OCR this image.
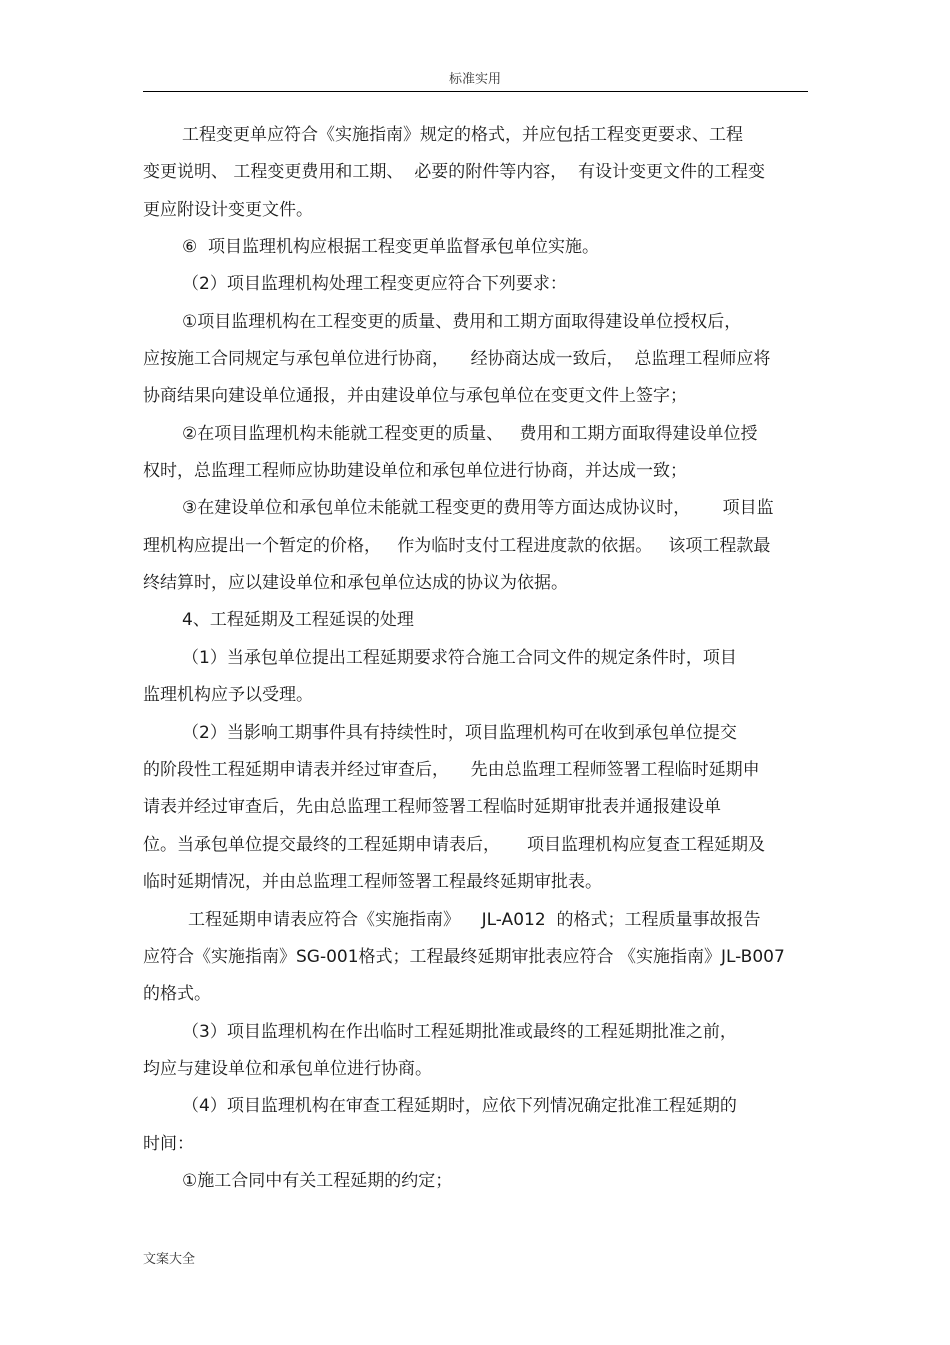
标准实用
工程变更单应符合《实施指南》规定的格式，并应包括工程变更要求、工程
变更说明、 工程变更费用和工期、  必要的附件等内容，  有设计变更文件的工程变
更应附设计变更文件。
⑥  项目监理机构应根据工程变更单监督承包单位实施。
（2）项目监理机构处理工程变更应符合下列要求：
①项目监理机构在工程变更的质量、费用和工期方面取得建设单位授权后，
应按施工合同规定与承包单位进行协商，    经协商达成一致后，  总监理工程师应将
协商结果向建设单位通报，并由建设单位与承包单位在变更文件上签字；
②在项目监理机构未能就工程变更的质量、   费用和工期方面取得建设单位授
权时，总监理工程师应协助建设单位和承包单位进行协商，并达成一致；
③在建设单位和承包单位未能就工程变更的费用等方面达成协议时，      项目监
理机构应提出一个暂定的价格，   作为临时支付工程进度款的依据。   该项工程款最
终结算时，应以建设单位和承包单位达成的协议为依据。
4、工程延期及工程延误的处理
（1）当承包单位提出工程延期要求符合施工合同文件的规定条件时，项目
监理机构应予以受理。
（2）当影响工期事件具有持续性时，项目监理机构可在收到承包单位提交
的阶段性工程延期申请表并经过审查后，    先由总监理工程师签署工程临时延期申
请表并经过审查后，先由总监理工程师签署工程临时延期审批表并通报建设单
位。当承包单位提交最终的工程延期申请表后，     项目监理机构应复查工程延期及
临时延期情况，并由总监理工程师签署工程最终延期审批表。
工程延期申请表应符合《实施指南》    JL-A012  的格式；工程质量事故报告
应符合《实施指南》SG-001格式；工程最终延期审批表应符合 《实施指南》JL-B007
的格式。
（3）项目监理机构在作出临时工程延期批准或最终的工程延期批准之前，
均应与建设单位和承包单位进行协商。
（4）项目监理机构在审查工程延期时，应依下列情况确定批准工程延期的
时间：
①施工合同中有关工程延期的约定；
文案大全
